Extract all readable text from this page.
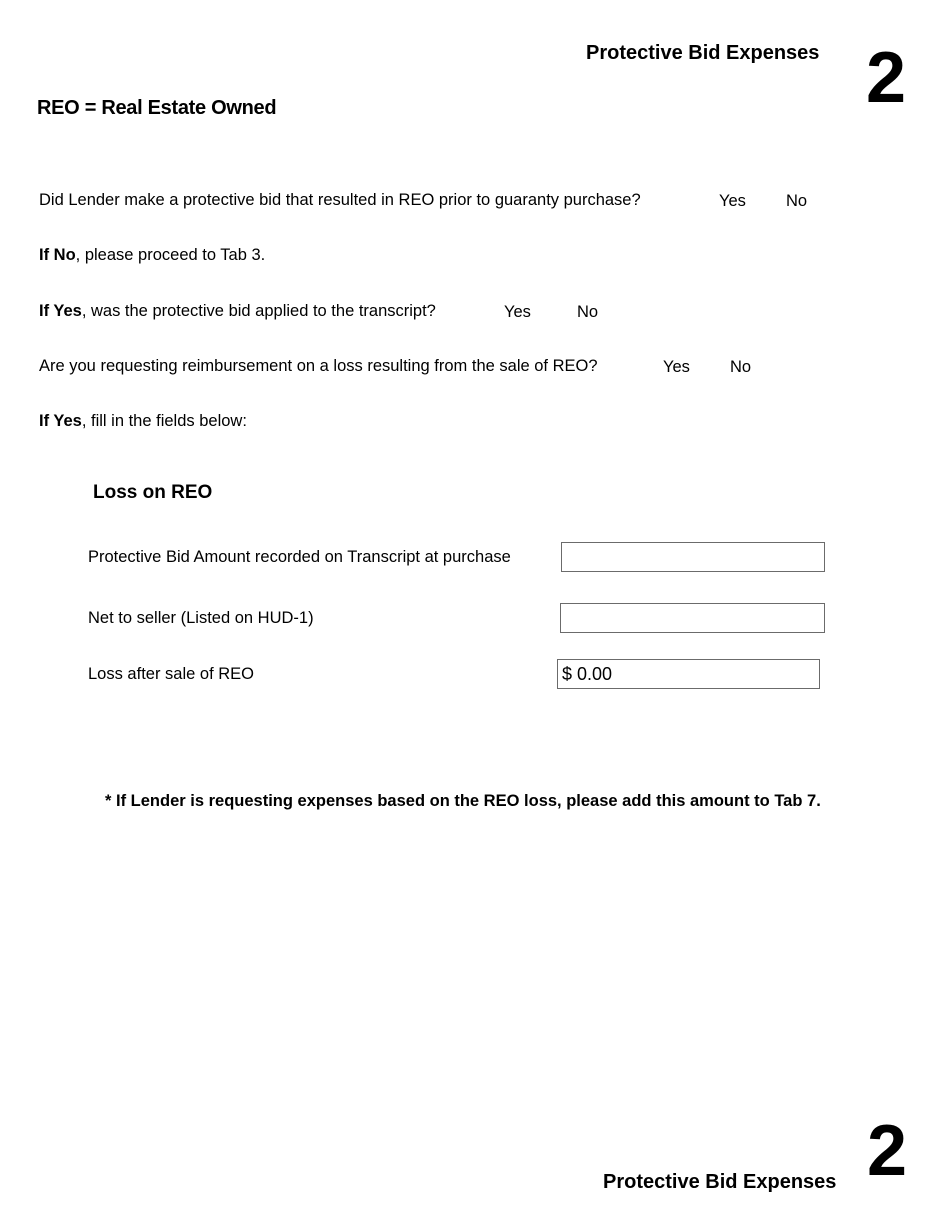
Protective Bid Expenses 2
REO = Real Estate Owned
Did Lender make a protective bid that resulted in REO prior to guaranty purchase?	Yes No
If No, please proceed to Tab 3.
If Yes, was the protective bid applied to the transcript?	Yes	No
Are you requesting reimbursement on a loss resulting from the sale of REO?	Yes No
If Yes, fill in the fields below:
Loss on REO
Protective Bid Amount recorded on Transcript at purchase
Net to seller (Listed on HUD-1)
Loss after sale of REO	$ 0.00
* If Lender is requesting expenses based on the REO loss, please add this amount to Tab 7.
Protective Bid Expenses 2
